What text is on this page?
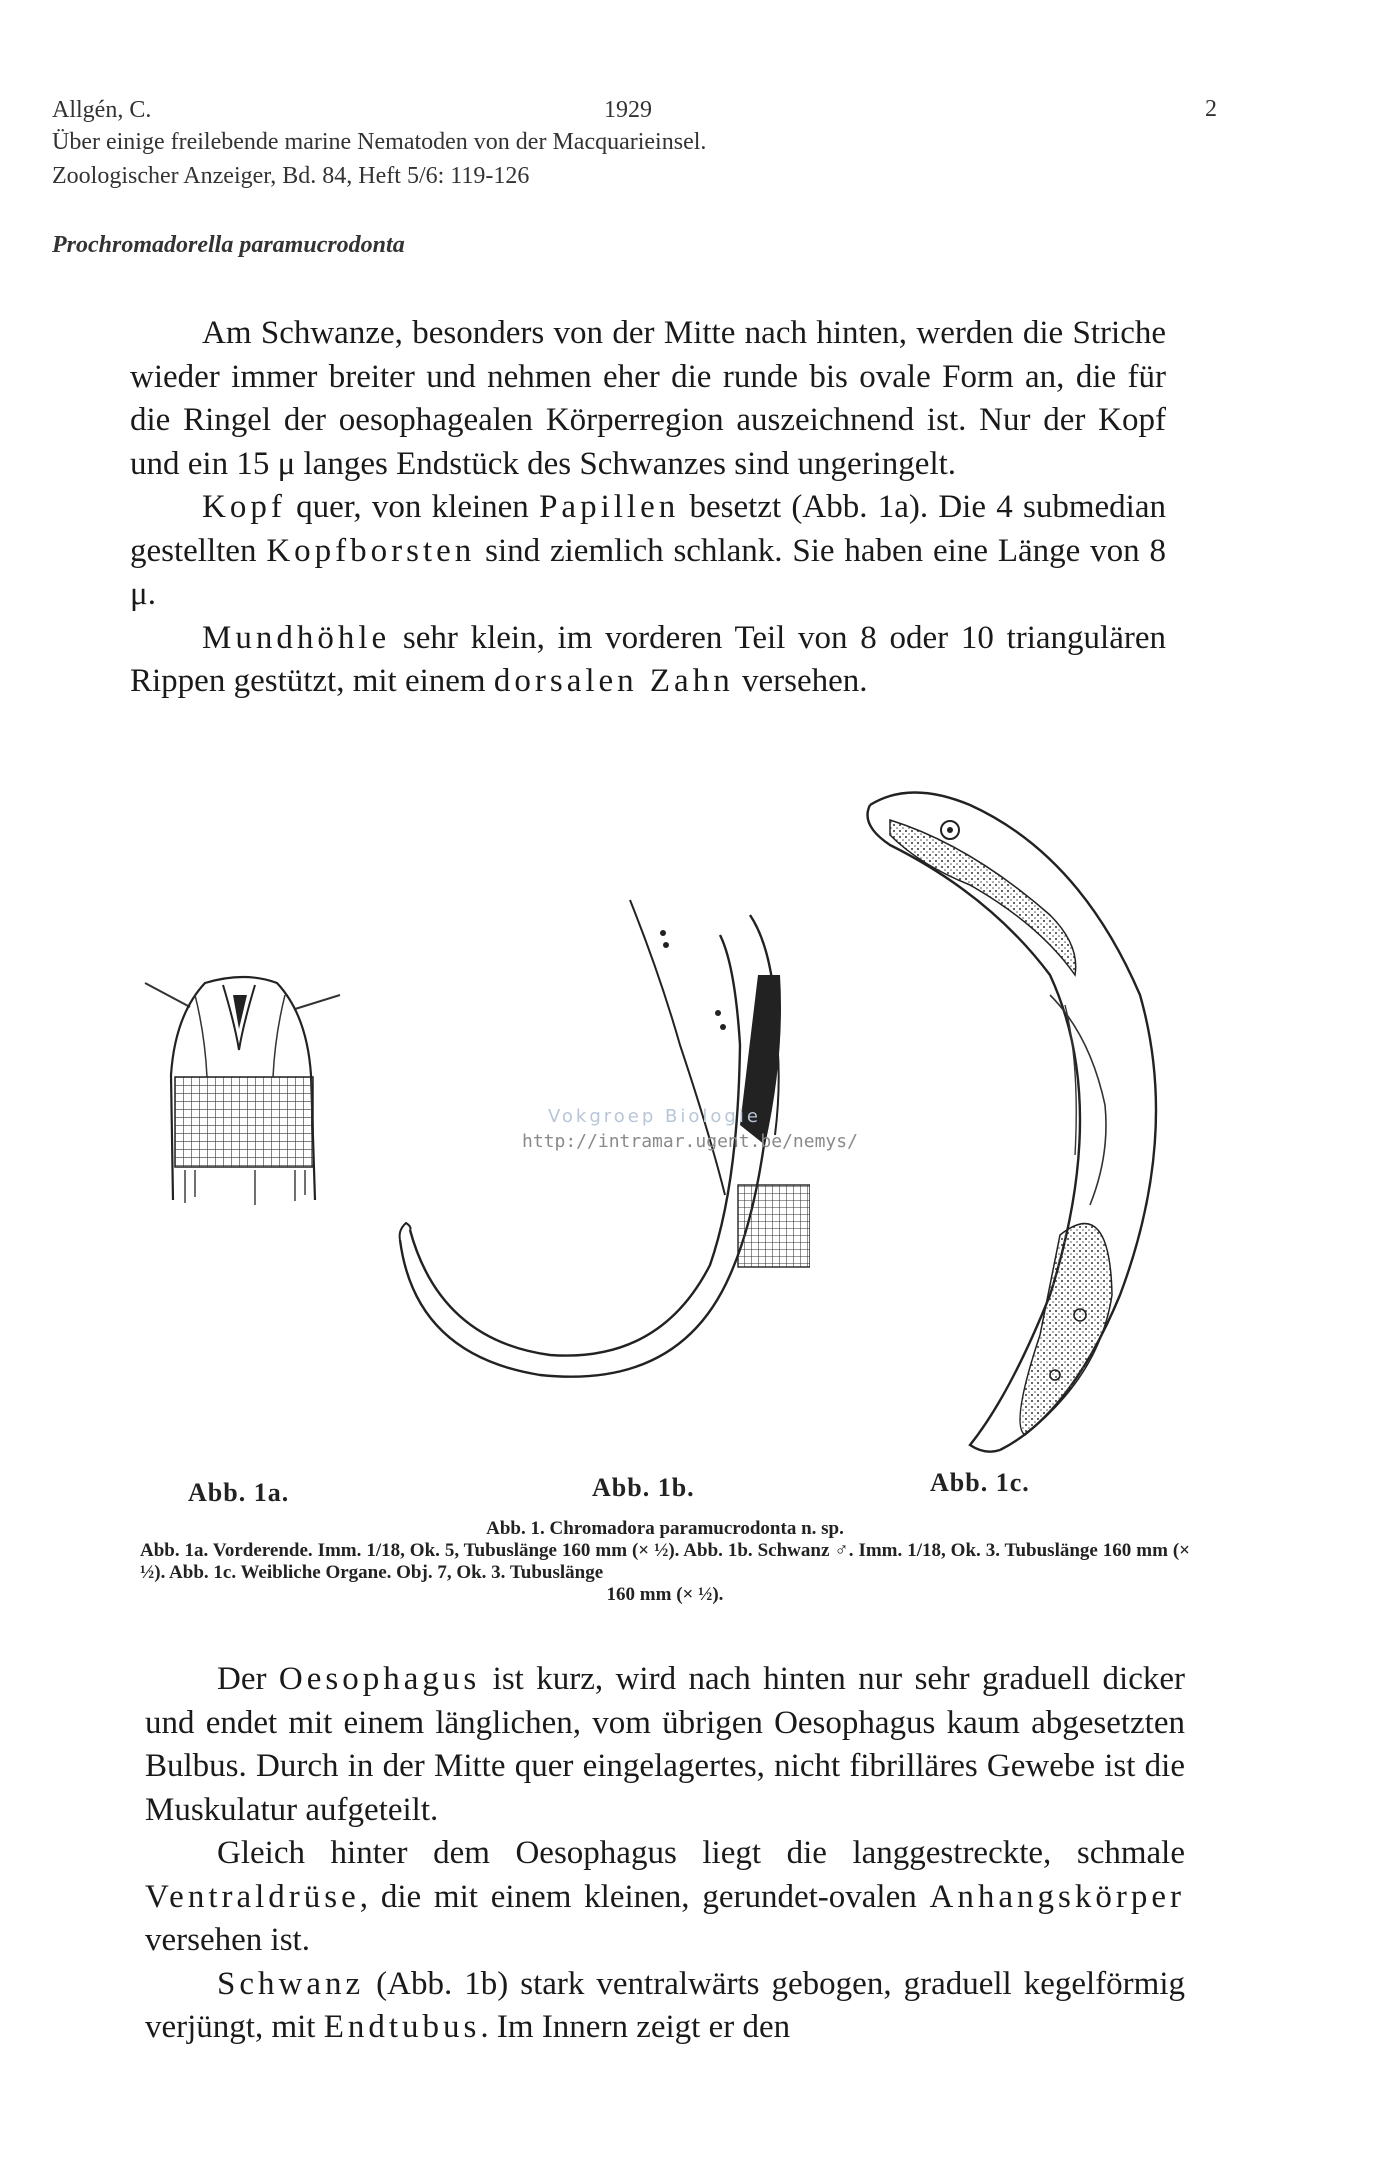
Allgén, C.	1929	2
Über einige freilebende marine Nematoden von der Macquarieinsel.
Zoologischer Anzeiger, Bd. 84, Heft 5/6: 119-126
Prochromadorella paramucrodonta

Am Schwanze, besonders von der Mitte nach hinten, werden die Striche wieder immer breiter und nehmen eher die runde bis ovale Form an, die für die Ringel der oesophagealen Körperregion auszeichnend ist. Nur der Kopf und ein 15 μ langes Endstück des Schwanzes sind ungeringelt.

Kopf quer, von kleinen Papillen besetzt (Abb. 1a). Die 4 submedian gestellten Kopfborsten sind ziemlich schlank. Sie haben eine Länge von 8 μ.

Mundhöhle sehr klein, im vorderen Teil von 8 oder 10 triangulären Rippen gestützt, mit einem dorsalen Zahn versehen.

Vokgroep Biologie
http://intramar.ugent.be/nemys/
Abb. 1a.	Abb. 1b.	Abb. 1c.
Abb. 1. Chromadora paramucrodonta n. sp.
Abb. 1a. Vorderende. Imm. 1/18, Ok. 5, Tubuslänge 160 mm (× ½). Abb. 1b. Schwanz ♂. Imm. 1/18, Ok. 3. Tubuslänge 160 mm (× ½). Abb. 1c. Weibliche Organe. Obj. 7, Ok. 3. Tubuslänge
160 mm (× ½).

Der Oesophagus ist kurz, wird nach hinten nur sehr graduell dicker und endet mit einem länglichen, vom übrigen Oesophagus kaum abgesetzten Bulbus. Durch in der Mitte quer eingelagertes, nicht fibrilläres Gewebe ist die Muskulatur aufgeteilt.

Gleich hinter dem Oesophagus liegt die langgestreckte, schmale Ventraldrüse, die mit einem kleinen, gerundet-ovalen Anhangskörper versehen ist.

Schwanz (Abb. 1b) stark ventralwärts gebogen, graduell kegelförmig verjüngt, mit Endtubus. Im Innern zeigt er den
